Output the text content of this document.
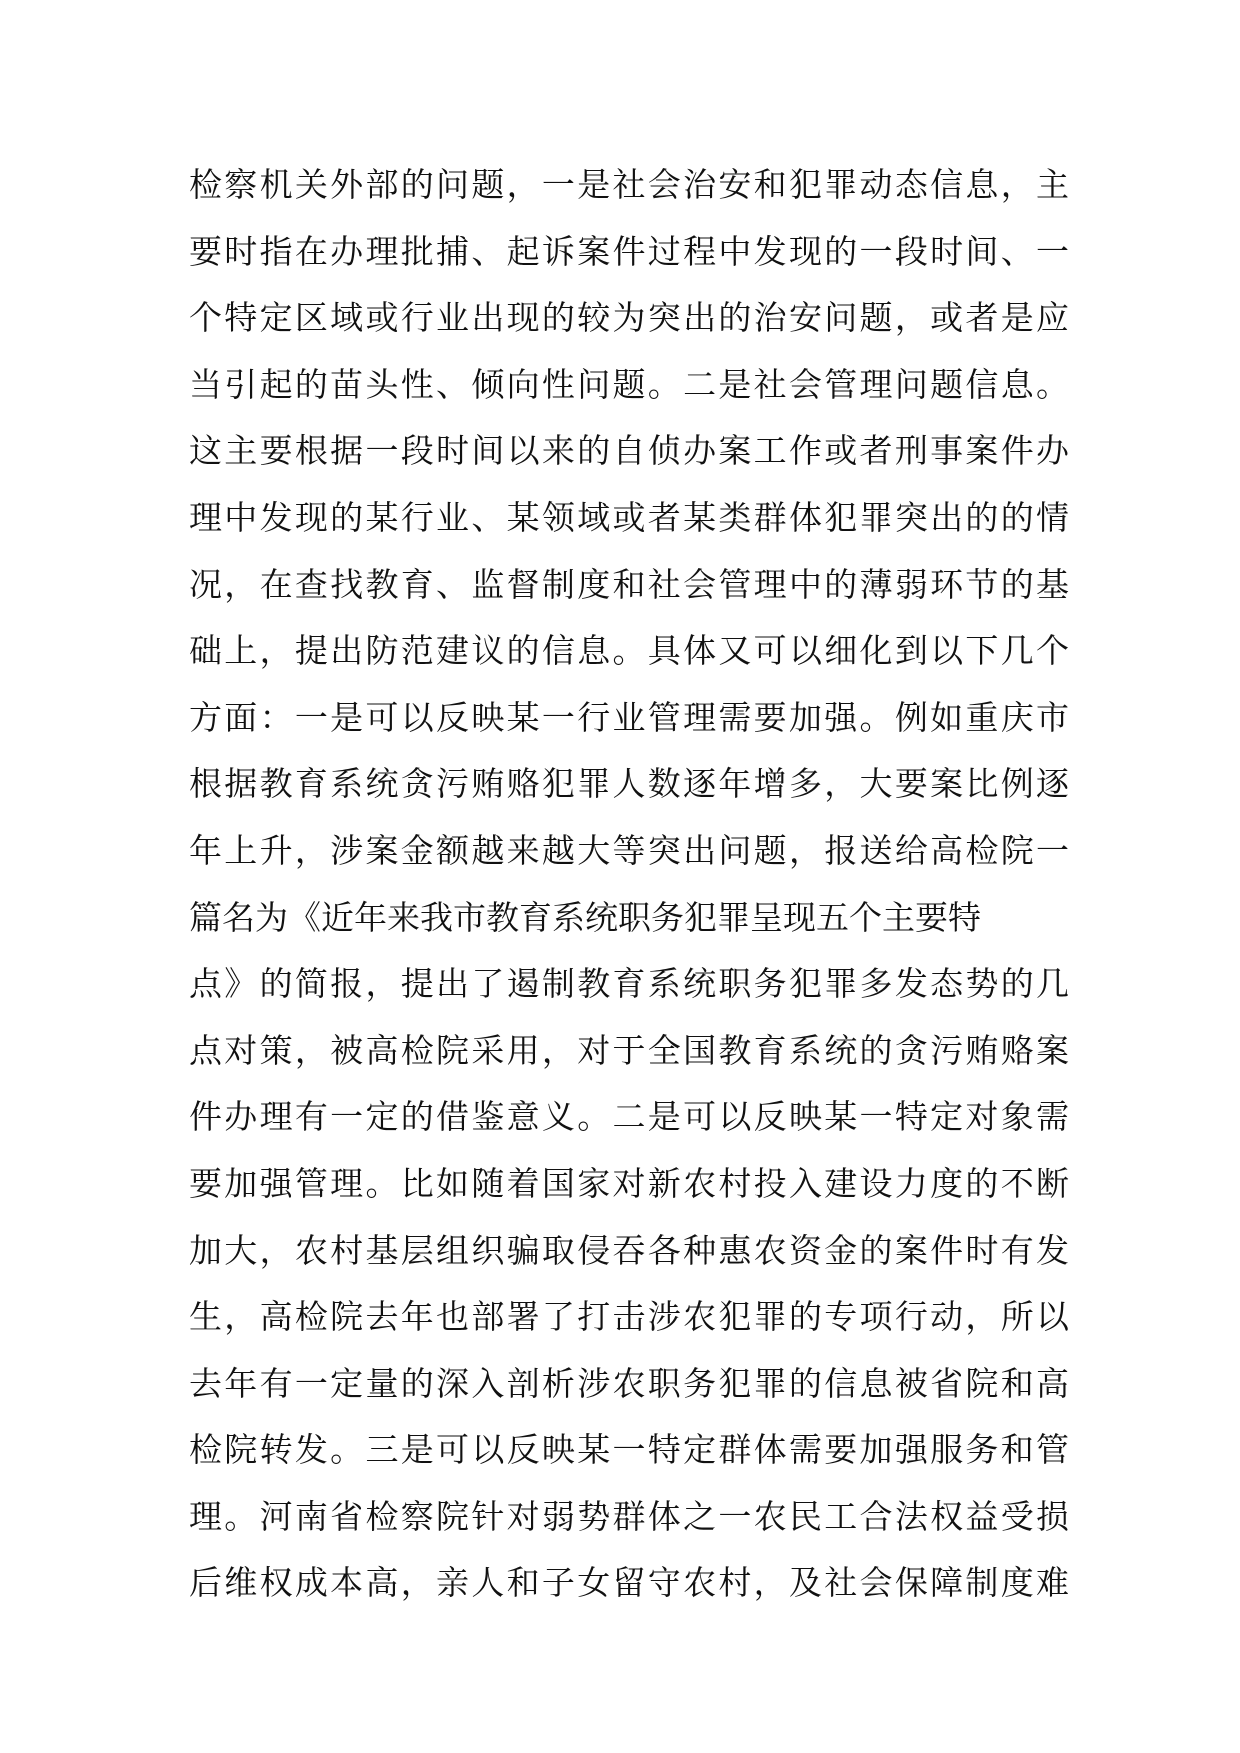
检察机关外部的问题，一是社会治安和犯罪动态信息，主
要时指在办理批捕、起诉案件过程中发现的一段时间、一
个特定区域或行业出现的较为突出的治安问题，或者是应
当引起的苗头性、倾向性问题。二是社会管理问题信息。
这主要根据一段时间以来的自侦办案工作或者刑事案件办
理中发现的某行业、某领域或者某类群体犯罪突出的的情
况，在查找教育、监督制度和社会管理中的薄弱环节的基
础上，提出防范建议的信息。具体又可以细化到以下几个
方面：一是可以反映某一行业管理需要加强。例如重庆市
根据教育系统贪污贿赂犯罪人数逐年增多，大要案比例逐
年上升，涉案金额越来越大等突出问题，报送给高检院一
篇名为《近年来我市教育系统职务犯罪呈现五个主要特
点》的简报，提出了遏制教育系统职务犯罪多发态势的几
点对策，被高检院采用，对于全国教育系统的贪污贿赂案
件办理有一定的借鉴意义。二是可以反映某一特定对象需
要加强管理。比如随着国家对新农村投入建设力度的不断
加大，农村基层组织骗取侵吞各种惠农资金的案件时有发
生，高检院去年也部署了打击涉农犯罪的专项行动，所以
去年有一定量的深入剖析涉农职务犯罪的信息被省院和高
检院转发。三是可以反映某一特定群体需要加强服务和管
理。河南省检察院针对弱势群体之一农民工合法权益受损
后维权成本高，亲人和子女留守农村，及社会保障制度难
